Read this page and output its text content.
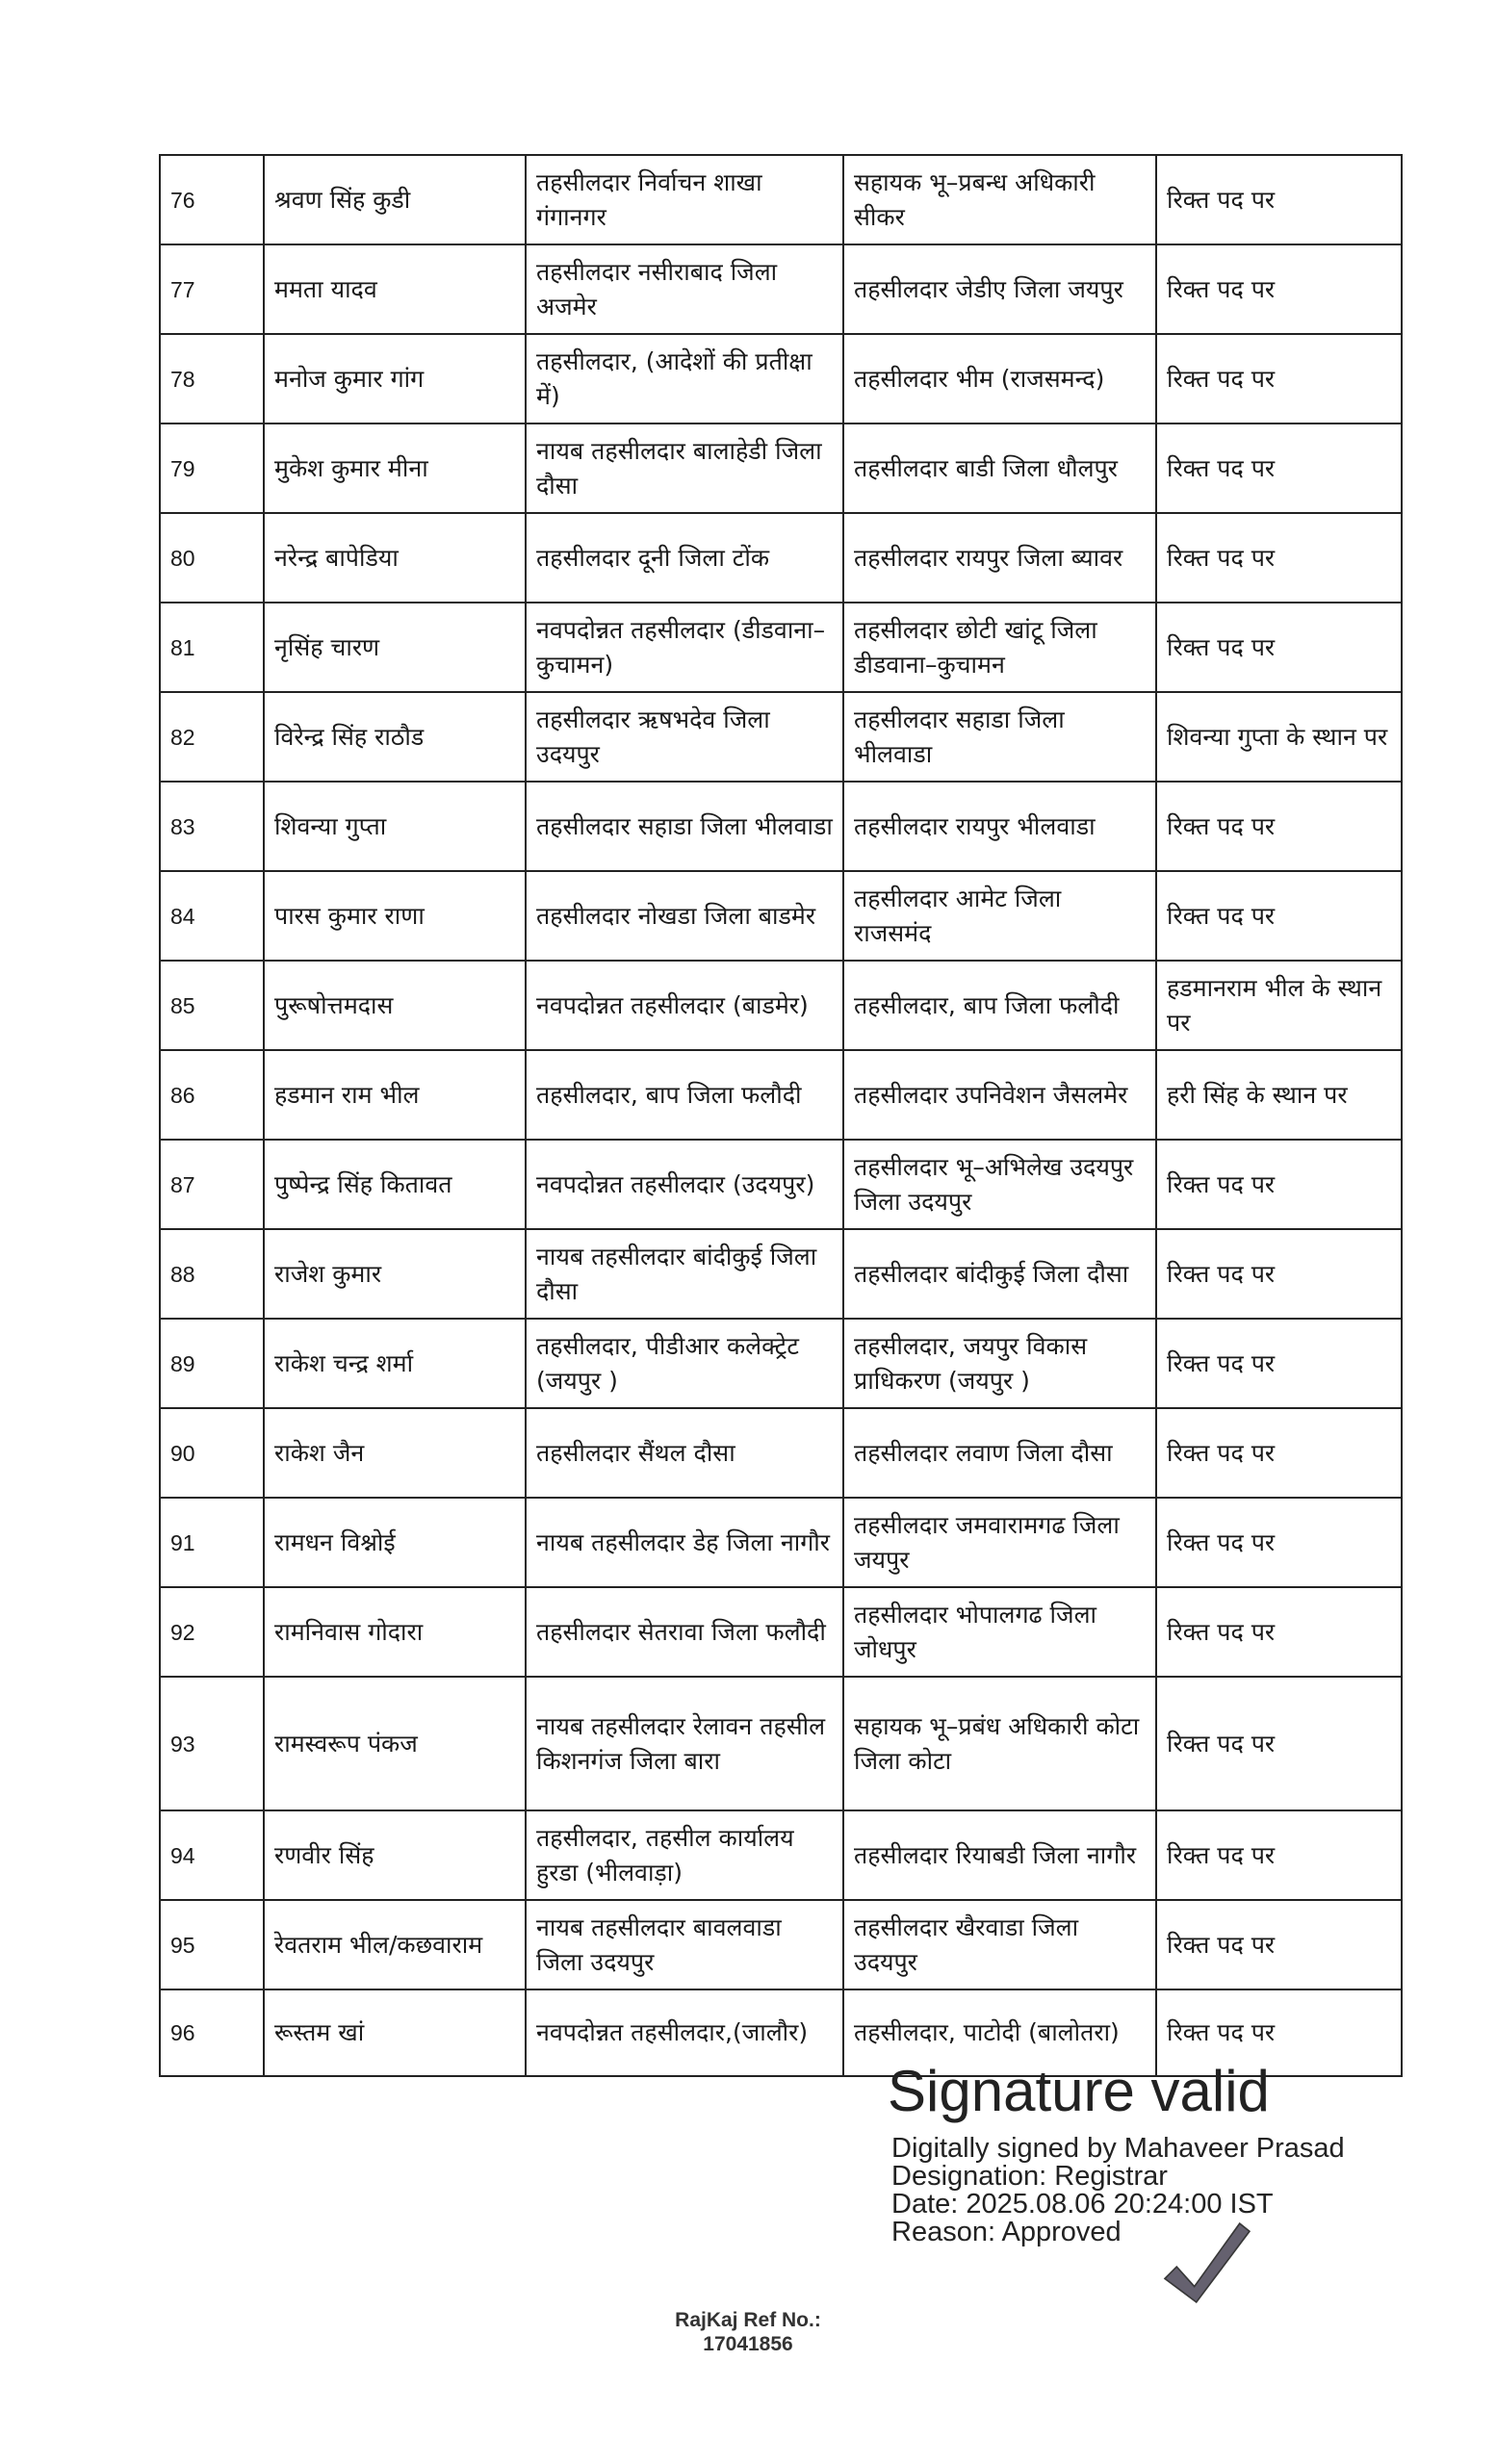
76	श्रवण सिंह कुडी	तहसीलदार निर्वाचन शाखा गंगानगर	सहायक भू–प्रबन्ध अधिकारी सीकर	रिक्त पद पर
77	ममता यादव	तहसीलदार नसीराबाद जिला अजमेर	तहसीलदार जेडीए जिला जयपुर	रिक्त पद पर
78	मनोज कुमार गांग	तहसीलदार, (आदेशों की प्रतीक्षा में)	तहसीलदार भीम (राजसमन्द)	रिक्त पद पर
79	मुकेश कुमार मीना	नायब तहसीलदार बालाहेडी जिला दौसा	तहसीलदार बाडी जिला धौलपुर	रिक्त पद पर
80	नरेन्द्र बापेडिया	तहसीलदार दूनी जिला टोंक	तहसीलदार रायपुर जिला ब्यावर	रिक्त पद पर
81	नृसिंह चारण	नवपदोन्नत तहसीलदार (डीडवाना–कुचामन)	तहसीलदार छोटी खांटू जिला डीडवाना–कुचामन	रिक्त पद पर
82	विरेन्द्र सिंह राठौड	तहसीलदार ऋषभदेव जिला उदयपुर	तहसीलदार सहाडा जिला भीलवाडा	शिवन्या गुप्ता के स्थान पर
83	शिवन्या गुप्ता	तहसीलदार सहाडा जिला भीलवाडा	तहसीलदार रायपुर भीलवाडा	रिक्त पद पर
84	पारस कुमार राणा	तहसीलदार नोखडा जिला बाडमेर	तहसीलदार आमेट जिला राजसमंद	रिक्त पद पर
85	पुरूषोत्तमदास	नवपदोन्नत तहसीलदार (बाडमेर)	तहसीलदार, बाप जिला फलौदी	हडमानराम भील के स्थान पर
86	हडमान राम भील	तहसीलदार, बाप जिला फलौदी	तहसीलदार उपनिवेशन जैसलमेर	हरी सिंह के स्थान पर
87	पुष्पेन्द्र सिंह कितावत	नवपदोन्नत तहसीलदार (उदयपुर)	तहसीलदार भू–अभिलेख उदयपुर जिला उदयपुर	रिक्त पद पर
88	राजेश कुमार	नायब तहसीलदार बांदीकुई जिला दौसा	तहसीलदार बांदीकुई जिला दौसा	रिक्त पद पर
89	राकेश चन्द्र शर्मा	तहसीलदार, पीडीआर कलेक्ट्रेट (जयपुर )	तहसीलदार, जयपुर विकास प्राधिकरण (जयपुर )	रिक्त पद पर
90	राकेश जैन	तहसीलदार सैंथल दौसा	तहसीलदार लवाण जिला दौसा	रिक्त पद पर
91	रामधन विश्नोई	नायब तहसीलदार डेह जिला नागौर	तहसीलदार जमवारामगढ जिला जयपुर	रिक्त पद पर
92	रामनिवास गोदारा	तहसीलदार सेतरावा जिला फलौदी	तहसीलदार भोपालगढ जिला जोधपुर	रिक्त पद पर
93	रामस्वरूप पंकज	नायब तहसीलदार रेलावन तहसील किशनगंज जिला बारा	सहायक भू–प्रबंध अधिकारी कोटा जिला कोटा	रिक्त पद पर
94	रणवीर सिंह	तहसीलदार, तहसील कार्यालय हुरडा (भीलवाड़ा)	तहसीलदार रियाबडी जिला नागौर	रिक्त पद पर
95	रेवतराम भील/कछवाराम	नायब तहसीलदार बावलवाडा जिला उदयपुर	तहसीलदार खैरवाडा जिला उदयपुर	रिक्त पद पर
96	रूस्तम खां	नवपदोन्नत तहसीलदार,(जालौर)	तहसीलदार, पाटोदी (बालोतरा)	रिक्त पद पर
Signature valid
Digitally signed by Mahaveer Prasad
Designation: Registrar
Date: 2025.08.06 20:24:00 IST
Reason: Approved
RajKaj Ref No.:
17041856
